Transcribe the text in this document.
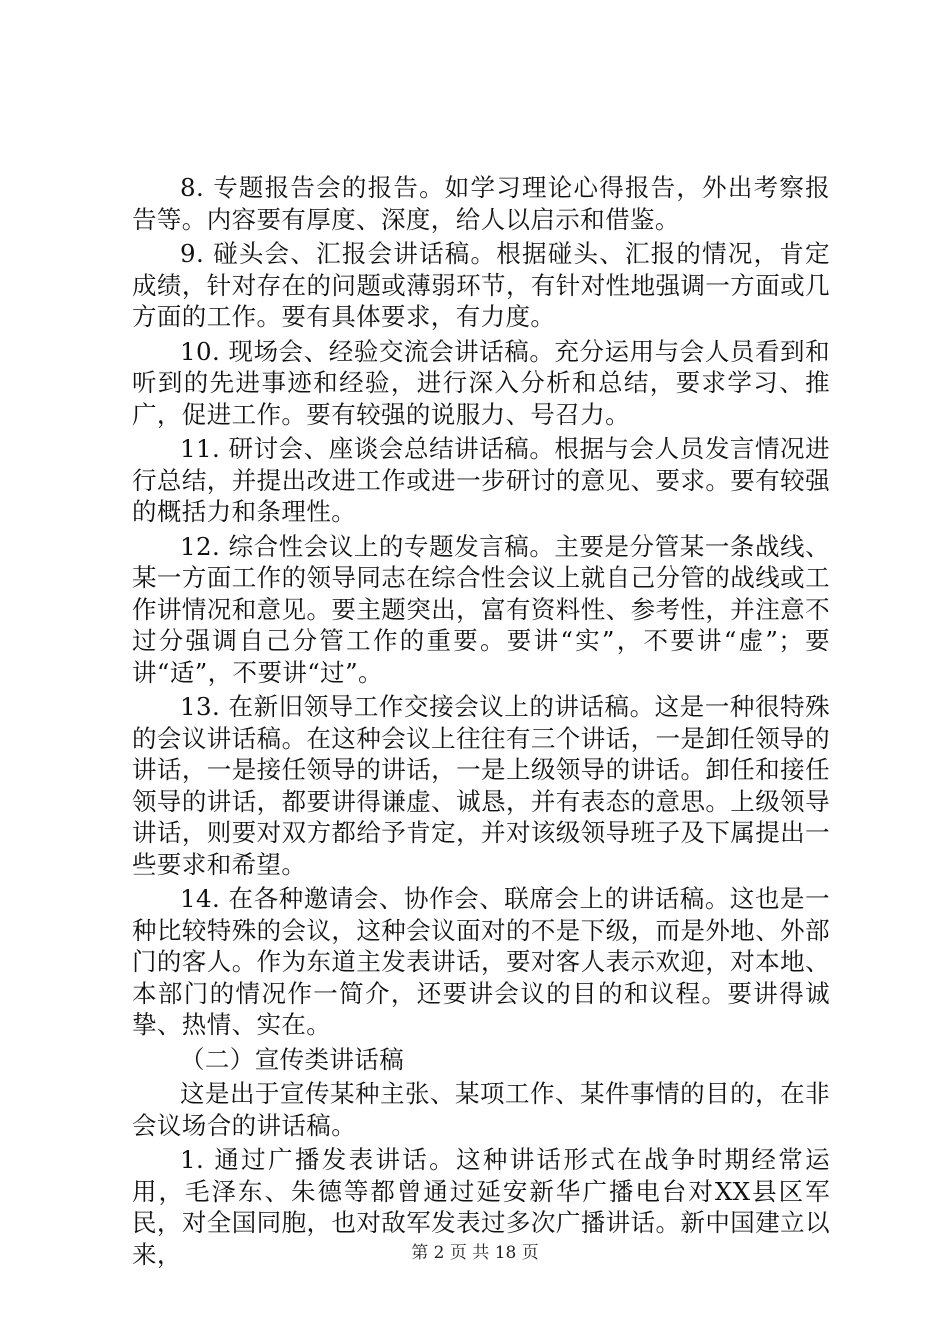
8. 专题报告会的报告。如学习理论心得报告，外出考察报告等。内容要有厚度、深度，给人以启示和借鉴。

9. 碰头会、汇报会讲话稿。根据碰头、汇报的情况，肯定成绩，针对存在的问题或薄弱环节，有针对性地强调一方面或几方面的工作。要有具体要求，有力度。

10. 现场会、经验交流会讲话稿。充分运用与会人员看到和听到的先进事迹和经验，进行深入分析和总结，要求学习、推广，促进工作。要有较强的说服力、号召力。

11. 研讨会、座谈会总结讲话稿。根据与会人员发言情况进行总结，并提出改进工作或进一步研讨的意见、要求。要有较强的概括力和条理性。

12. 综合性会议上的专题发言稿。主要是分管某一条战线、某一方面工作的领导同志在综合性会议上就自己分管的战线或工作讲情况和意见。要主题突出，富有资料性、参考性，并注意不过分强调自己分管工作的重要。要讲“实”，不要讲“虚”；要讲“适”，不要讲“过”。

13. 在新旧领导工作交接会议上的讲话稿。这是一种很特殊的会议讲话稿。在这种会议上往往有三个讲话，一是卸任领导的讲话，一是接任领导的讲话，一是上级领导的讲话。卸任和接任领导的讲话，都要讲得谦虚、诚恳，并有表态的意思。上级领导讲话，则要对双方都给予肯定，并对该级领导班子及下属提出一些要求和希望。

14. 在各种邀请会、协作会、联席会上的讲话稿。这也是一种比较特殊的会议，这种会议面对的不是下级，而是外地、外部门的客人。作为东道主发表讲话，要对客人表示欢迎，对本地、本部门的情况作一简介，还要讲会议的目的和议程。要讲得诚挚、热情、实在。

（二）宣传类讲话稿

这是出于宣传某种主张、某项工作、某件事情的目的，在非会议场合的讲话稿。

1. 通过广播发表讲话。这种讲话形式在战争时期经常运用，毛泽东、朱德等都曾通过延安新华广播电台对XX县区军民，对全国同胞，也对敌军发表过多次广播讲话。新中国建立以来，	第 2 页 共 18 页
